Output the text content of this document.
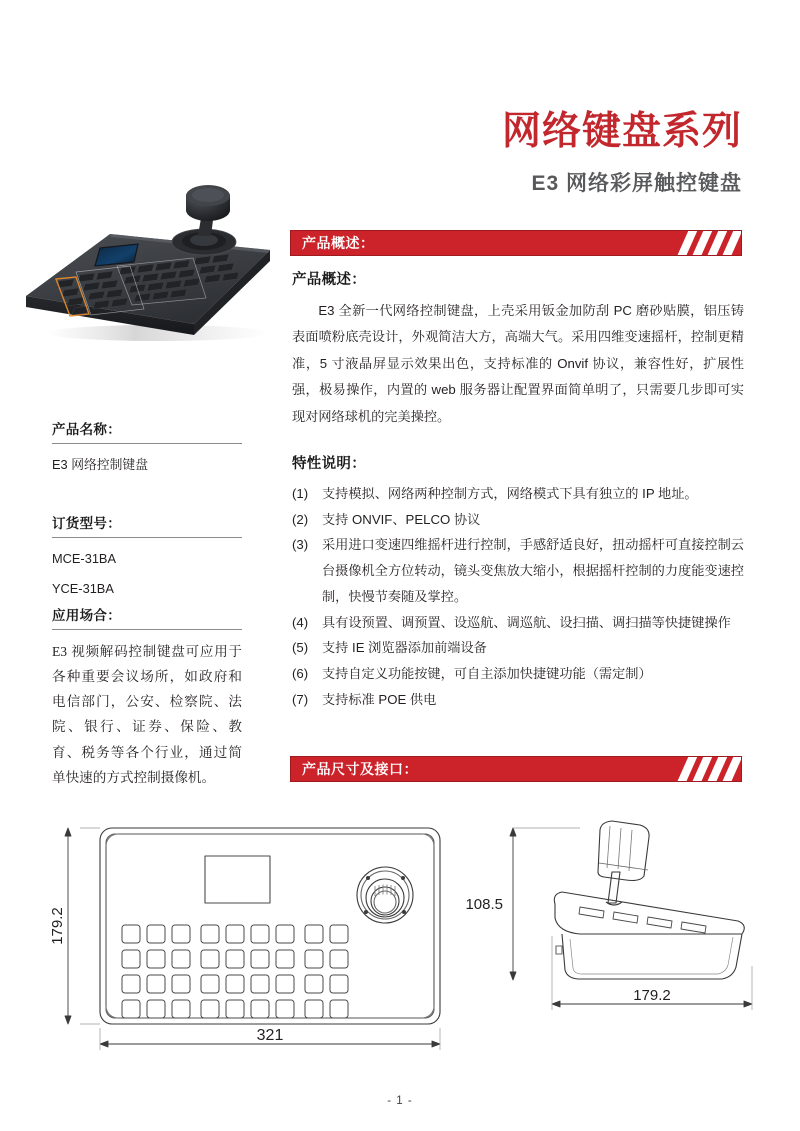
网络键盘系列
E3 网络彩屏触控键盘
产品概述：
产品概述：
E3 全新一代网络控制键盘，上壳采用钣金加防刮 PC 磨砂贴膜，铝压铸表面喷粉底壳设计，外观简洁大方，高端大气。采用四维变速摇杆，控制更精准，5 寸液晶屏显示效果出色，支持标准的 Onvif 协议，兼容性好，扩展性强，极易操作，内置的 web 服务器让配置界面简单明了，只需要几步即可实现对网络球机的完美操控。
特性说明：
(1)	支持模拟、网络两种控制方式，网络模式下具有独立的 IP 地址。
(2)	支持 ONVIF、PELCO 协议
(3)	采用进口变速四维摇杆进行控制，手感舒适良好，扭动摇杆可直接控制云台摄像机全方位转动，镜头变焦放大缩小，根据摇杆控制的力度能变速控制，快慢节奏随及掌控。
(4)	具有设预置、调预置、设巡航、调巡航、设扫描、调扫描等快捷键操作
(5)	支持 IE 浏览器添加前端设备
(6)	支持自定义功能按键，可自主添加快捷键功能（需定制）
(7)	支持标准 POE 供电
产品名称：
E3 网络控制键盘
订货型号：
MCE-31BA
YCE-31BA
应用场合：
E3 视频解码控制键盘可应用于各种重要会议场所，如政府和电信部门，公安、检察院、法院、银行、证券、保险、教育、税务等各个行业，通过简单快速的方式控制摄像机。
产品尺寸及接口：
179.2
321
108.5
179.2
- 1 -
